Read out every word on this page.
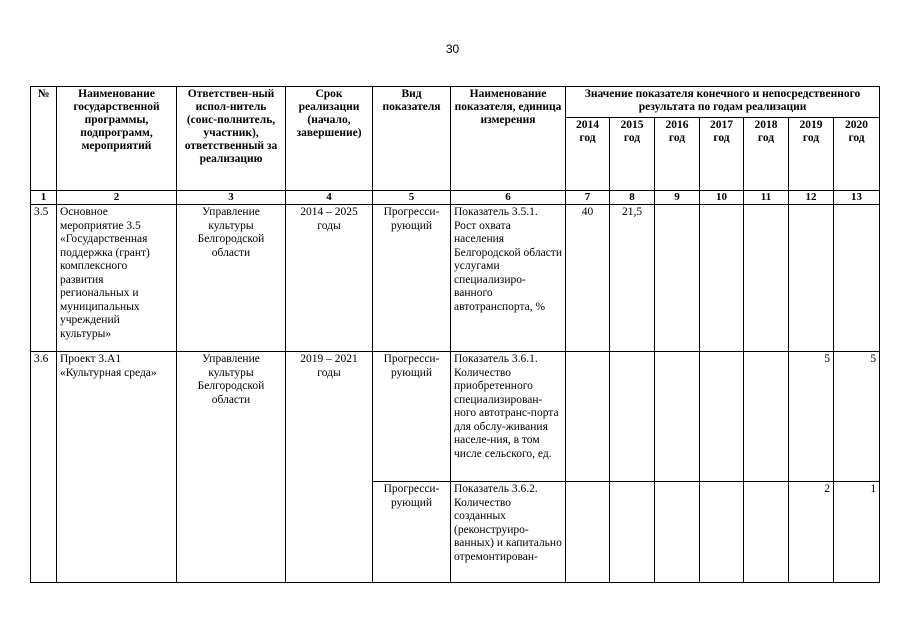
30
№	Наименование государственной программы, подпрограмм, мероприятий	Ответствен-ный испол-нитель (соис-полнитель, участник), ответственный за реализацию	Срок реализации (начало, завершение)	Вид показателя	Наименование показателя, единица измерения	Значение показателя конечного и непосредственного результата по годам реализации						
						2014 год	2015 год	2016 год	2017 год	2018 год	2019 год	2020 год
1	2	3	4	5	6	7	8	9	10	11	12	13
3.5	Основное мероприятие 3.5 «Государственная поддержка (грант) комплексного развития региональных и муниципальных учреждений культуры»	Управление культуры Белгородской области	2014 – 2025 годы	Прогресси-рующий	Показатель 3.5.1. Рост охвата населения Белгородской области услугами специализиро-ванного автотранспорта, %	40	21,5					
3.6	Проект 3.A1 «Культурная среда»	Управление культуры Белгородской области	2019 – 2021 годы	Прогресси-рующий	Показатель 3.6.1. Количество приобретенного специализирован-ного автотранс-порта для обслу-живания населе-ния, в том числе сельского, ед.						5	5
				Прогресси-рующий	Показатель 3.6.2. Количество созданных (реконструиро-ванных) и капитально отремонтирован-						2	1
